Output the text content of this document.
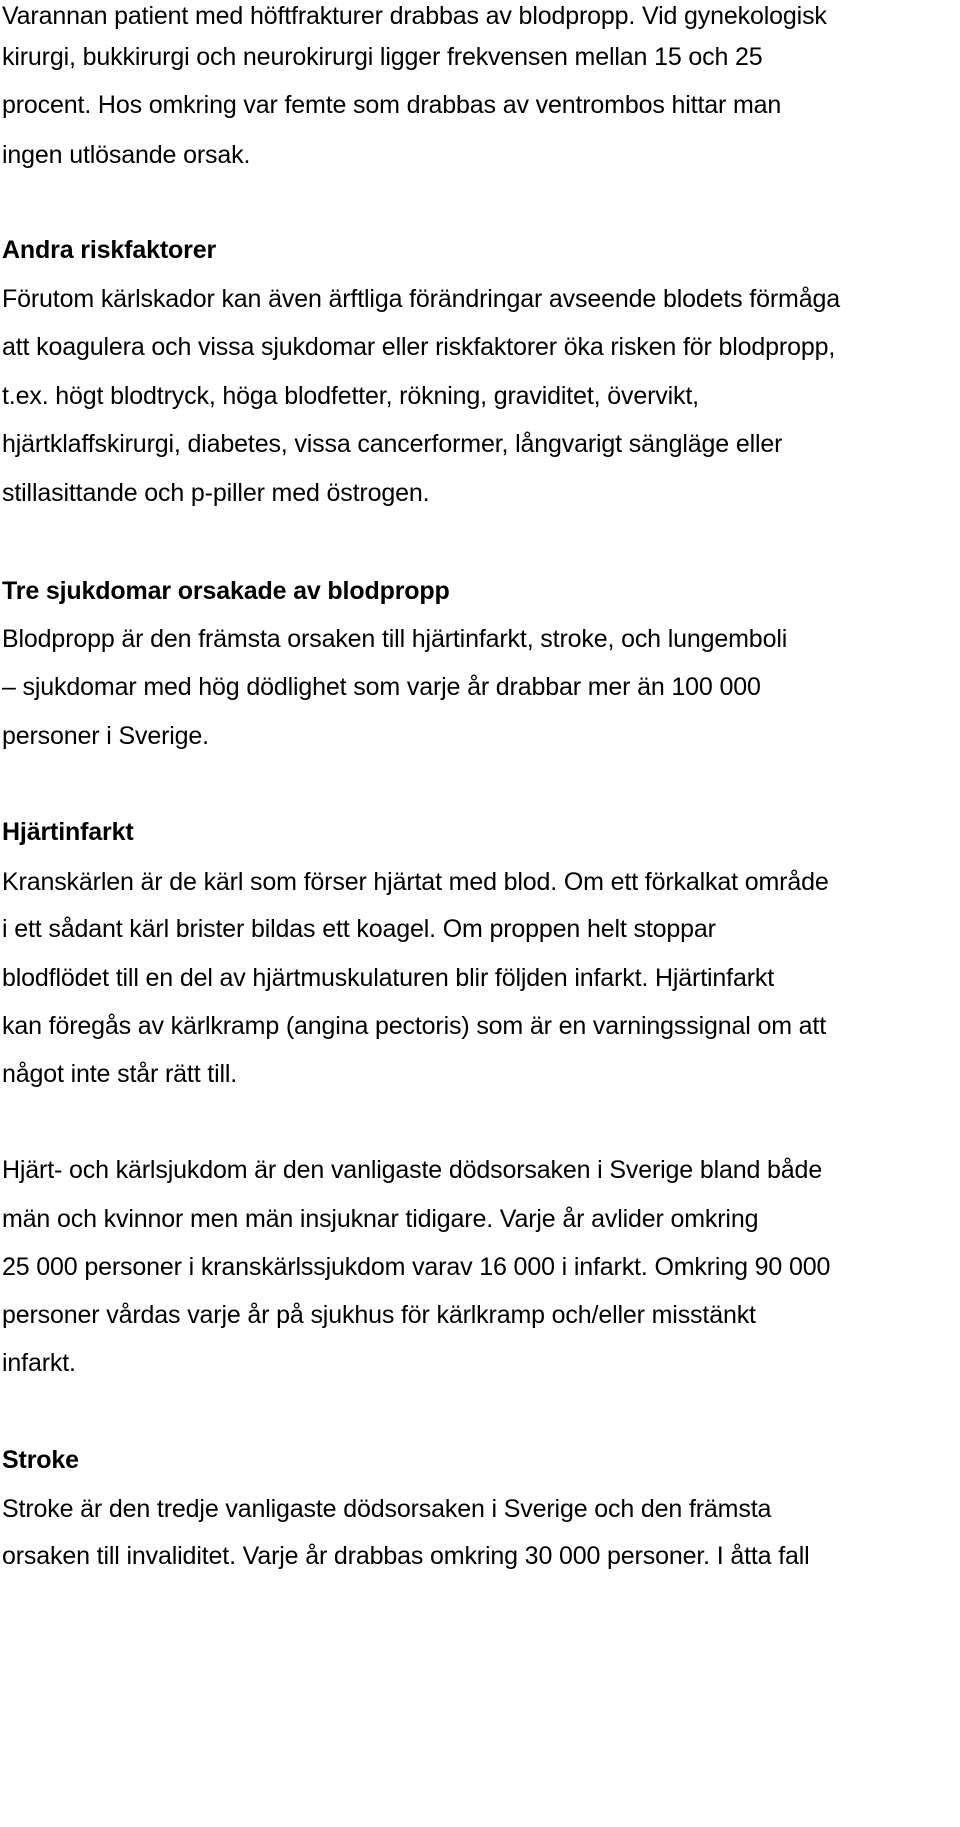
Varannan patient med höftfrakturer drabbas av blodpropp. Vid gynekologisk
kirurgi, bukkirurgi och neurokirurgi ligger frekvensen mellan 15 och 25
procent. Hos omkring var femte som drabbas av ventrombos hittar man
ingen utlösande orsak.
Andra riskfaktorer
Förutom kärlskador kan även ärftliga förändringar avseende blodets förmåga
att koagulera och vissa sjukdomar eller riskfaktorer öka risken för blodpropp,
t.ex. högt blodtryck, höga blodfetter, rökning, graviditet, övervikt,
hjärtklaffskirurgi, diabetes, vissa cancerformer, långvarigt sängläge eller
stillasittande och p-piller med östrogen.
Tre sjukdomar orsakade av blodpropp
Blodpropp är den främsta orsaken till hjärtinfarkt, stroke, och lungemboli
– sjukdomar med hög dödlighet som varje år drabbar mer än 100 000
personer i Sverige.
Hjärtinfarkt
Kranskärlen är de kärl som förser hjärtat med blod. Om ett förkalkat område
i ett sådant kärl brister bildas ett koagel. Om proppen helt stoppar
blodflödet till en del av hjärtmuskulaturen blir följden infarkt. Hjärtinfarkt
kan föregås av kärlkramp (angina pectoris) som är en varningssignal om att
något inte står rätt till.
Hjärt- och kärlsjukdom är den vanligaste dödsorsaken i Sverige bland både
män och kvinnor men män insjuknar tidigare. Varje år avlider omkring
25 000 personer i kranskärlssjukdom varav 16 000 i infarkt. Omkring 90 000
personer vårdas varje år på sjukhus för kärlkramp och/eller misstänkt
infarkt.
Stroke
Stroke är den tredje vanligaste dödsorsaken i Sverige och den främsta
orsaken till invaliditet. Varje år drabbas omkring 30 000 personer. I åtta fall
